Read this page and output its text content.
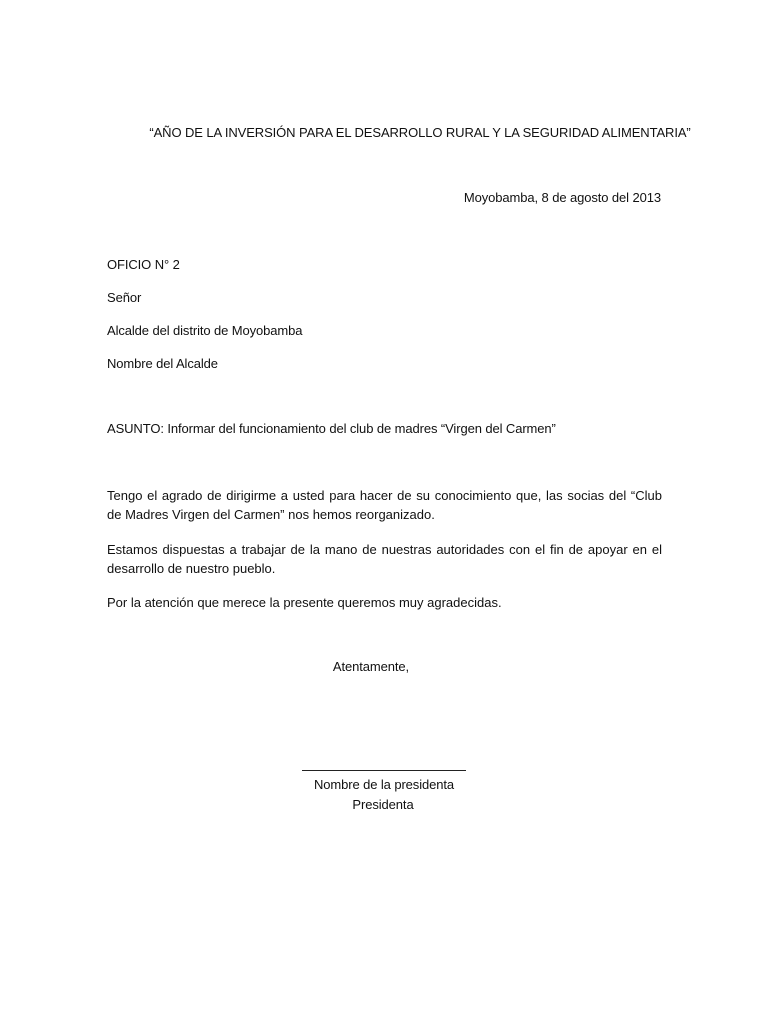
“AÑO DE LA INVERSIÓN PARA EL DESARROLLO RURAL Y LA SEGURIDAD ALIMENTARIA”
Moyobamba, 8 de agosto del 2013
OFICIO N° 2
Señor
Alcalde del distrito de Moyobamba
Nombre del Alcalde
ASUNTO: Informar del funcionamiento del club de madres “Virgen del Carmen”
Tengo el agrado de dirigirme a usted para hacer de su conocimiento que, las socias del “Club de Madres Virgen del Carmen” nos hemos reorganizado.
Estamos dispuestas a trabajar de la mano de nuestras autoridades con el fin de apoyar en el desarrollo de nuestro pueblo.
Por la atención que merece la presente queremos muy agradecidas.
Atentamente,
Nombre de la presidenta
Presidenta
